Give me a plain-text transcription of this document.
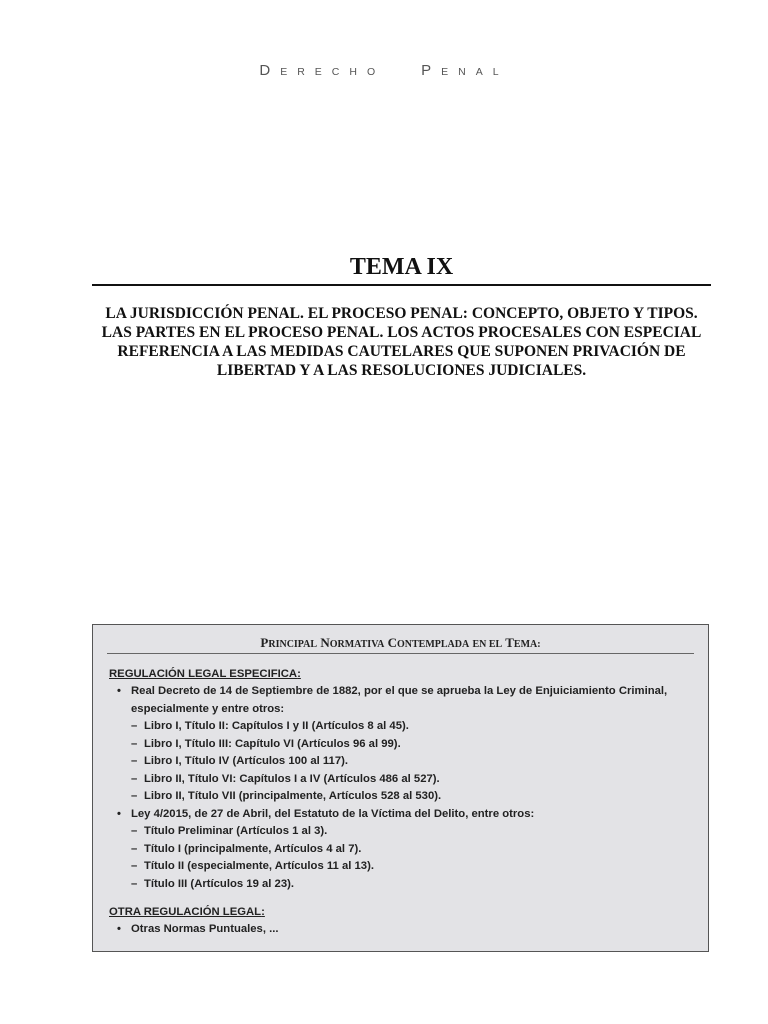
D ERECHO P ENAL
TEMA IX
LA JURISDICCIÓN PENAL. EL PROCESO PENAL: CONCEPTO, OBJETO Y TIPOS.
LAS PARTES EN EL PROCESO PENAL. LOS ACTOS PROCESALES CON ESPECIAL
REFERENCIA A LAS MEDIDAS CAUTELARES QUE SUPONEN PRIVACIÓN DE
LIBERTAD Y A LAS RESOLUCIONES JUDICIALES.
PRINCIPAL NORMATIVA CONTEMPLADA EN EL TEMA:
REGULACIÓN LEGAL ESPECIFICA:
• Real Decreto de 14 de Septiembre de 1882, por el que se aprueba la Ley de Enjuiciamiento Criminal,
especialmente y entre otros:
– Libro I, Título II: Capítulos I y II (Artículos 8 al 45).
– Libro I, Título III: Capítulo VI (Artículos 96 al 99).
– Libro I, Título IV (Artículos 100 al 117).
– Libro II, Título VI: Capítulos I a IV (Artículos 486 al 527).
– Libro II, Título VII (principalmente, Artículos 528 al 530).
• Ley 4/2015, de 27 de Abril, del Estatuto de la Víctima del Delito, entre otros:
– Título Preliminar (Artículos 1 al 3).
– Título I (principalmente, Artículos 4 al 7).
– Título II (especialmente, Artículos 11 al 13).
– Título III (Artículos 19 al 23).
OTRA REGULACIÓN LEGAL:
• Otras Normas Puntuales, ...
